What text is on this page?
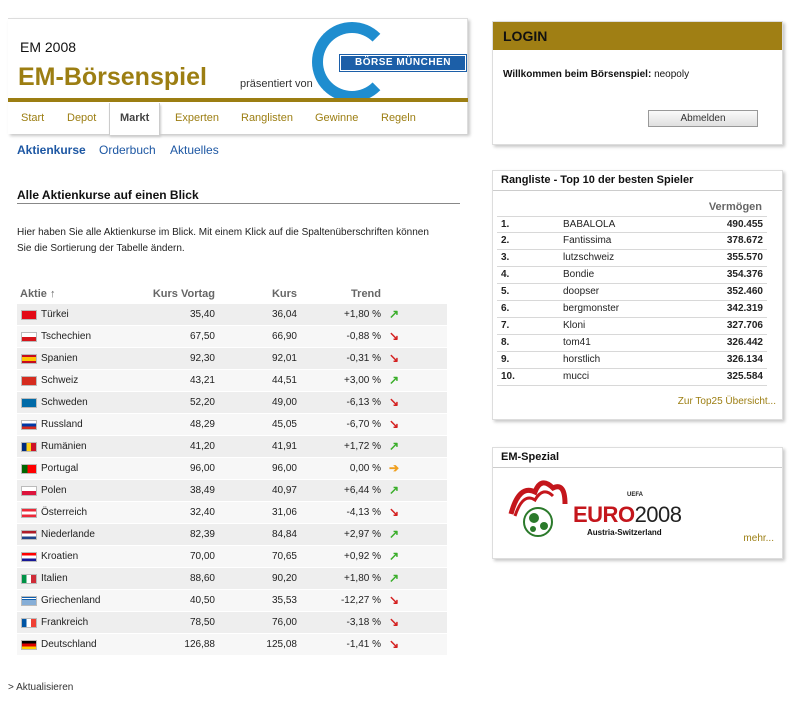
EM 2008
EM-Börsenspiel	präsentiert von
BÖRSE MÜNCHEN
Start Depot	Markt	Experten Ranglisten Gewinne Regeln
Aktienkurse Orderbuch Aktuelles
Alle Aktienkurse auf einen Blick
Hier haben Sie alle Aktienkurse im Blick. Mit einem Klick auf die Spaltenüberschriften können Sie die Sortierung der Tabelle ändern.
Aktie ↑	Kurs Vortag	Kurs	Trend
Türkei	35,40	36,04	+1,80 % ↗
Tschechien	67,50	66,90	-0,88 % ↘
Spanien	92,30	92,01	-0,31 % ↘
Schweiz	43,21	44,51	+3,00 % ↗
Schweden	52,20	49,00	-6,13 % ↘
Russland	48,29	45,05	-6,70 % ↘
Rumänien	41,20	41,91	+1,72 % ↗
Portugal	96,00	96,00	0,00 % ➔
Polen	38,49	40,97	+6,44 % ↗
Österreich	32,40	31,06	-4,13 % ↘
Niederlande	82,39	84,84	+2,97 % ↗
Kroatien	70,00	70,65	+0,92 % ↗
Italien	88,60	90,20	+1,80 % ↗
Griechenland	40,50	35,53	-12,27 % ↘
Frankreich	78,50	76,00	-3,18 % ↘
Deutschland	126,88	125,08	-1,41 % ↘
> Aktualisieren
LOGIN
Willkommen beim Börsenspiel: neopoly
Abmelden
Rangliste - Top 10 der besten Spieler
Vermögen
1.	BABALOLA	490.455
2.	Fantissima	378.672
3.	lutzschweiz	355.570
4.	Bondie	354.376
5.	doopser	352.460
6.	bergmonster	342.319
7.	Kloni	327.706
8.	tom41	326.442
9.	horstlich	326.134
10.	mucci	325.584
Zur Top25 Übersicht...
EM-Spezial
UEFA
EURO2008
Austria-Switzerland
mehr...
